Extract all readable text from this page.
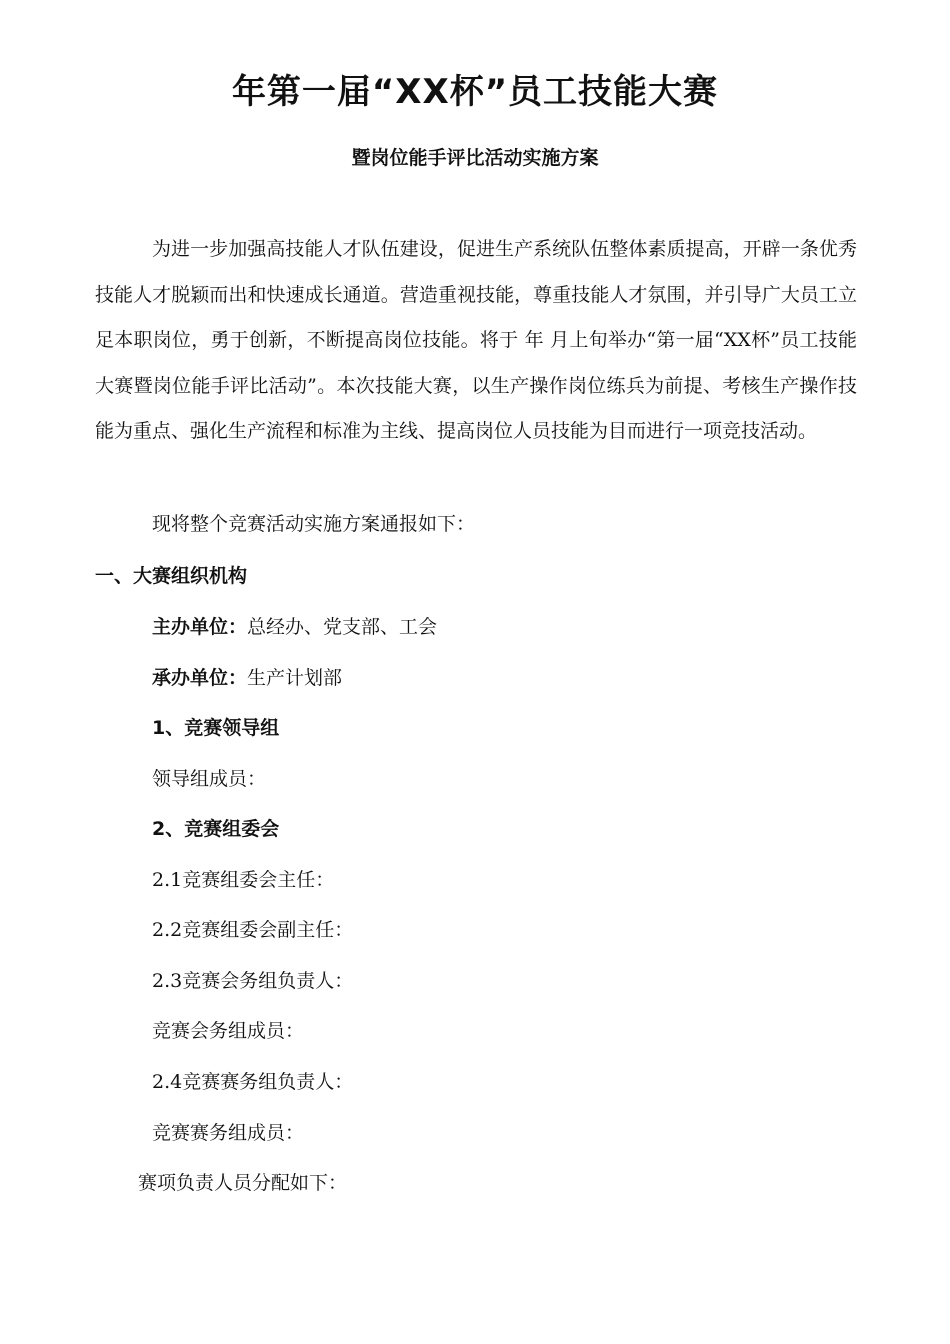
年第一届“XX杯”员工技能大赛
暨岗位能手评比活动实施方案

为进一步加强高技能人才队伍建设，促进生产系统队伍整体素质提高，开辟一条优秀技能人才脱颖而出和快速成长通道。营造重视技能，尊重技能人才氛围，并引导广大员工立足本职岗位，勇于创新，不断提高岗位技能。将于 年 月上旬举办“第一届“XX杯”员工技能大赛暨岗位能手评比活动”。本次技能大赛，以生产操作岗位练兵为前提、考核生产操作技能为重点、强化生产流程和标准为主线、提高岗位人员技能为目而进行一项竞技活动。

现将整个竞赛活动实施方案通报如下：

一、大赛组织机构

主办单位：总经办、党支部、工会

承办单位：生产计划部

1、竞赛领导组

领导组成员：

2、竞赛组委会

2.1竞赛组委会主任：

2.2竞赛组委会副主任：

2.3竞赛会务组负责人：

竞赛会务组成员：

2.4竞赛赛务组负责人：

竞赛赛务组成员：

赛项负责人员分配如下：
